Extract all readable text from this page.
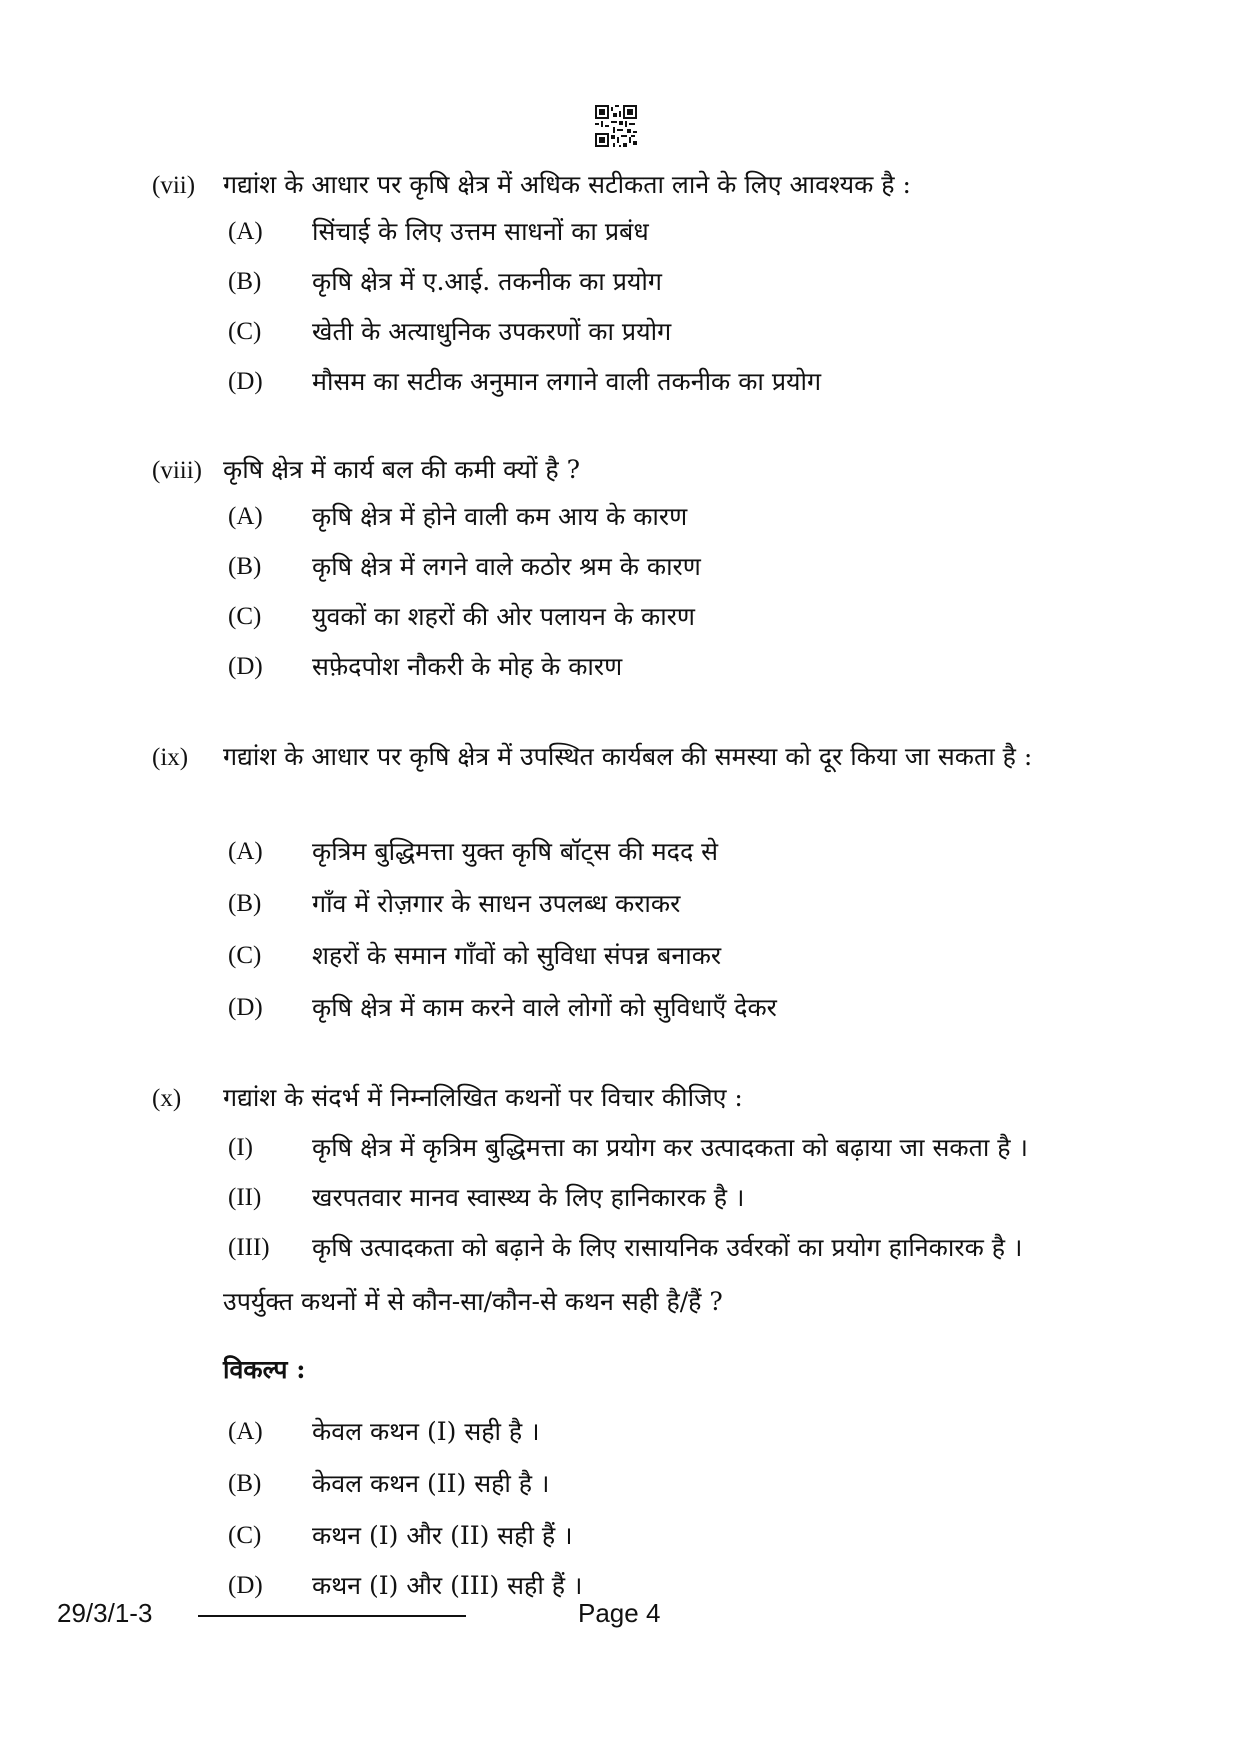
(vii) गद्यांश के आधार पर कृषि क्षेत्र में अधिक सटीकता लाने के लिए आवश्यक है :
(A) सिंचाई के लिए उत्तम साधनों का प्रबंध
(B) कृषि क्षेत्र में ए.आई. तकनीक का प्रयोग
(C) खेती के अत्याधुनिक उपकरणों का प्रयोग
(D) मौसम का सटीक अनुमान लगाने वाली तकनीक का प्रयोग
(viii) कृषि क्षेत्र में कार्य बल की कमी क्यों है ?
(A) कृषि क्षेत्र में होने वाली कम आय के कारण
(B) कृषि क्षेत्र में लगने वाले कठोर श्रम के कारण
(C) युवकों का शहरों की ओर पलायन के कारण
(D) सफ़ेदपोश नौकरी के मोह के कारण
(ix) गद्यांश के आधार पर कृषि क्षेत्र में उपस्थित कार्यबल की समस्या को दूर किया जा सकता है :
(A) कृत्रिम बुद्धिमत्ता युक्त कृषि बॉट्स की मदद से
(B) गाँव में रोज़गार के साधन उपलब्ध कराकर
(C) शहरों के समान गाँवों को सुविधा संपन्न बनाकर
(D) कृषि क्षेत्र में काम करने वाले लोगों को सुविधाएँ देकर
(x) गद्यांश के संदर्भ में निम्नलिखित कथनों पर विचार कीजिए :
(I) कृषि क्षेत्र में कृत्रिम बुद्धिमत्ता का प्रयोग कर उत्पादकता को बढ़ाया जा सकता है ।
(II) खरपतवार मानव स्वास्थ्य के लिए हानिकारक है ।
(III) कृषि उत्पादकता को बढ़ाने के लिए रासायनिक उर्वरकों का प्रयोग हानिकारक है ।
उपर्युक्त कथनों में से कौन-सा/कौन-से कथन सही है/हैं ?
विकल्प :
(A) केवल कथन (I) सही है ।
(B) केवल कथन (II) सही है ।
(C) कथन (I) और (II) सही हैं ।
(D) कथन (I) और (III) सही हैं ।
29/3/1-3	Page 4
